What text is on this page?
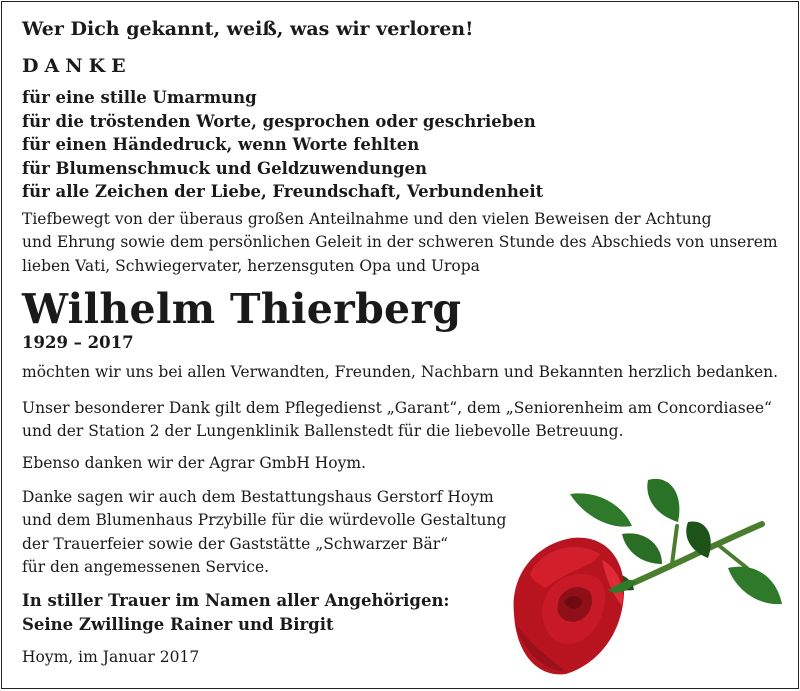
Wer Dich gekannt, weiß, was wir verloren!

DANKE

für eine stille Umarmung
für die tröstenden Worte, gesprochen oder geschrieben
für einen Händedruck, wenn Worte fehlten
für Blumenschmuck und Geldzuwendungen
für alle Zeichen der Liebe, Freundschaft, Verbundenheit
Tiefbewegt von der überaus großen Anteilnahme und den vielen Beweisen der Achtung
und Ehrung sowie dem persönlichen Geleit in der schweren Stunde des Abschieds von unserem
lieben Vati, Schwiegervater, herzensguten Opa und Uropa

Wilhelm Thierberg

1929 – 2017

möchten wir uns bei allen Verwandten, Freunden, Nachbarn und Bekannten herzlich bedanken.

Unser besonderer Dank gilt dem Pflegedienst „Garant“, dem „Seniorenheim am Concordiasee“
und der Station 2 der Lungenklinik Ballenstedt für die liebevolle Betreuung.

Ebenso danken wir der Agrar GmbH Hoym.

Danke sagen wir auch dem Bestattungshaus Gerstorf Hoym
und dem Blumenhaus Przybille für die würdevolle Gestaltung
der Trauerfeier sowie der Gaststätte „Schwarzer Bär“
für den angemessenen Service.
In stiller Trauer im Namen aller Angehörigen:
Seine Zwillinge Rainer und Birgit

Hoym, im Januar 2017
